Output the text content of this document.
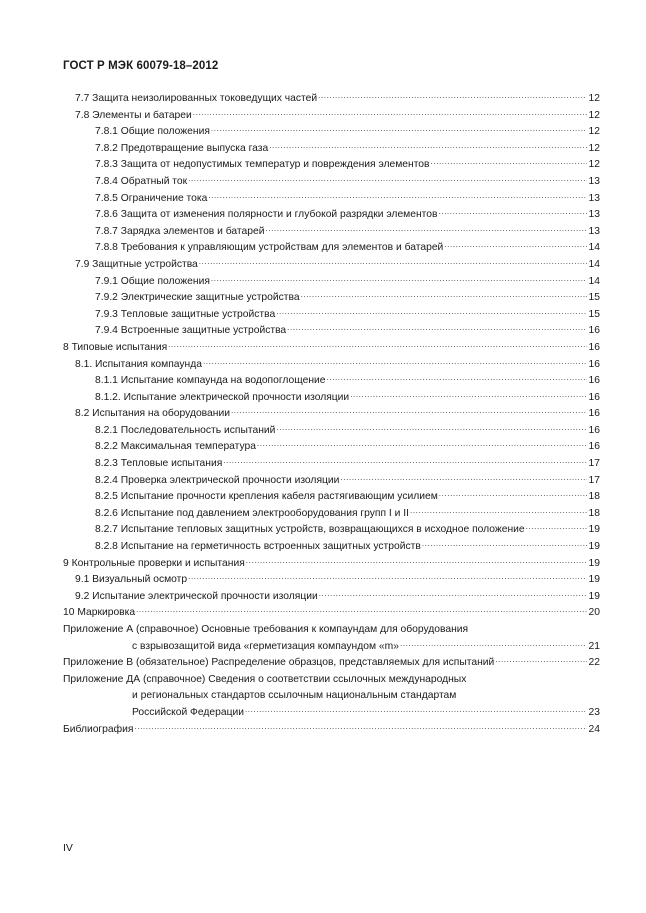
ГОСТ Р МЭК 60079-18–2012
7.7 Защита неизолированных токоведущих частей .....	12
7.8 Элементы и батареи .....	12
7.8.1 Общие положения .....	12
7.8.2 Предотвращение выпуска газа .....	12
7.8.3 Защита от недопустимых температур и повреждения элементов .....	12
7.8.4 Обратный ток .....	13
7.8.5 Ограничение тока .....	13
7.8.6 Защита от изменения полярности и глубокой разрядки элементов .....	13
7.8.7 Зарядка элементов и батарей .....	13
7.8.8 Требования к управляющим устройствам для элементов и батарей .....	14
7.9 Защитные устройства .....	14
7.9.1 Общие положения .....	14
7.9.2 Электрические защитные устройства .....	15
7.9.3 Тепловые защитные устройства .....	15
7.9.4 Встроенные защитные устройства .....	16
8 Типовые испытания .....	16
8.1. Испытания компаунда .....	16
8.1.1 Испытание компаунда на водопоглощение .....	16
8.1.2. Испытание электрической прочности изоляции .....	16
8.2 Испытания на оборудовании .....	16
8.2.1 Последовательность испытаний .....	16
8.2.2 Максимальная температура .....	16
8.2.3 Тепловые испытания .....	17
8.2.4 Проверка электрической прочности изоляции .....	17
8.2.5 Испытание прочности крепления кабеля растягивающим усилием .....	18
8.2.6 Испытание под давлением электрооборудования групп I и II .....	18
8.2.7 Испытание тепловых защитных устройств, возвращающихся в исходное положение .....	19
8.2.8 Испытание на герметичность встроенных защитных устройств .....	19
9 Контрольные проверки и испытания .....	19
9.1 Визуальный осмотр .....	19
9.2 Испытание электрической прочности изоляции .....	19
10 Маркировка .....	20
Приложение А (справочное) Основные требования к компаундам для оборудования
с взрывозащитой вида «герметизация компаундом «m» .....	21
Приложение В (обязательное) Распределение образцов, представляемых для испытаний .....	22
Приложение ДА (справочное) Сведения о соответствии ссылочных международных
и региональных стандартов ссылочным национальным стандартам
Российской Федерации .....	23
Библиография .....	24
IV
